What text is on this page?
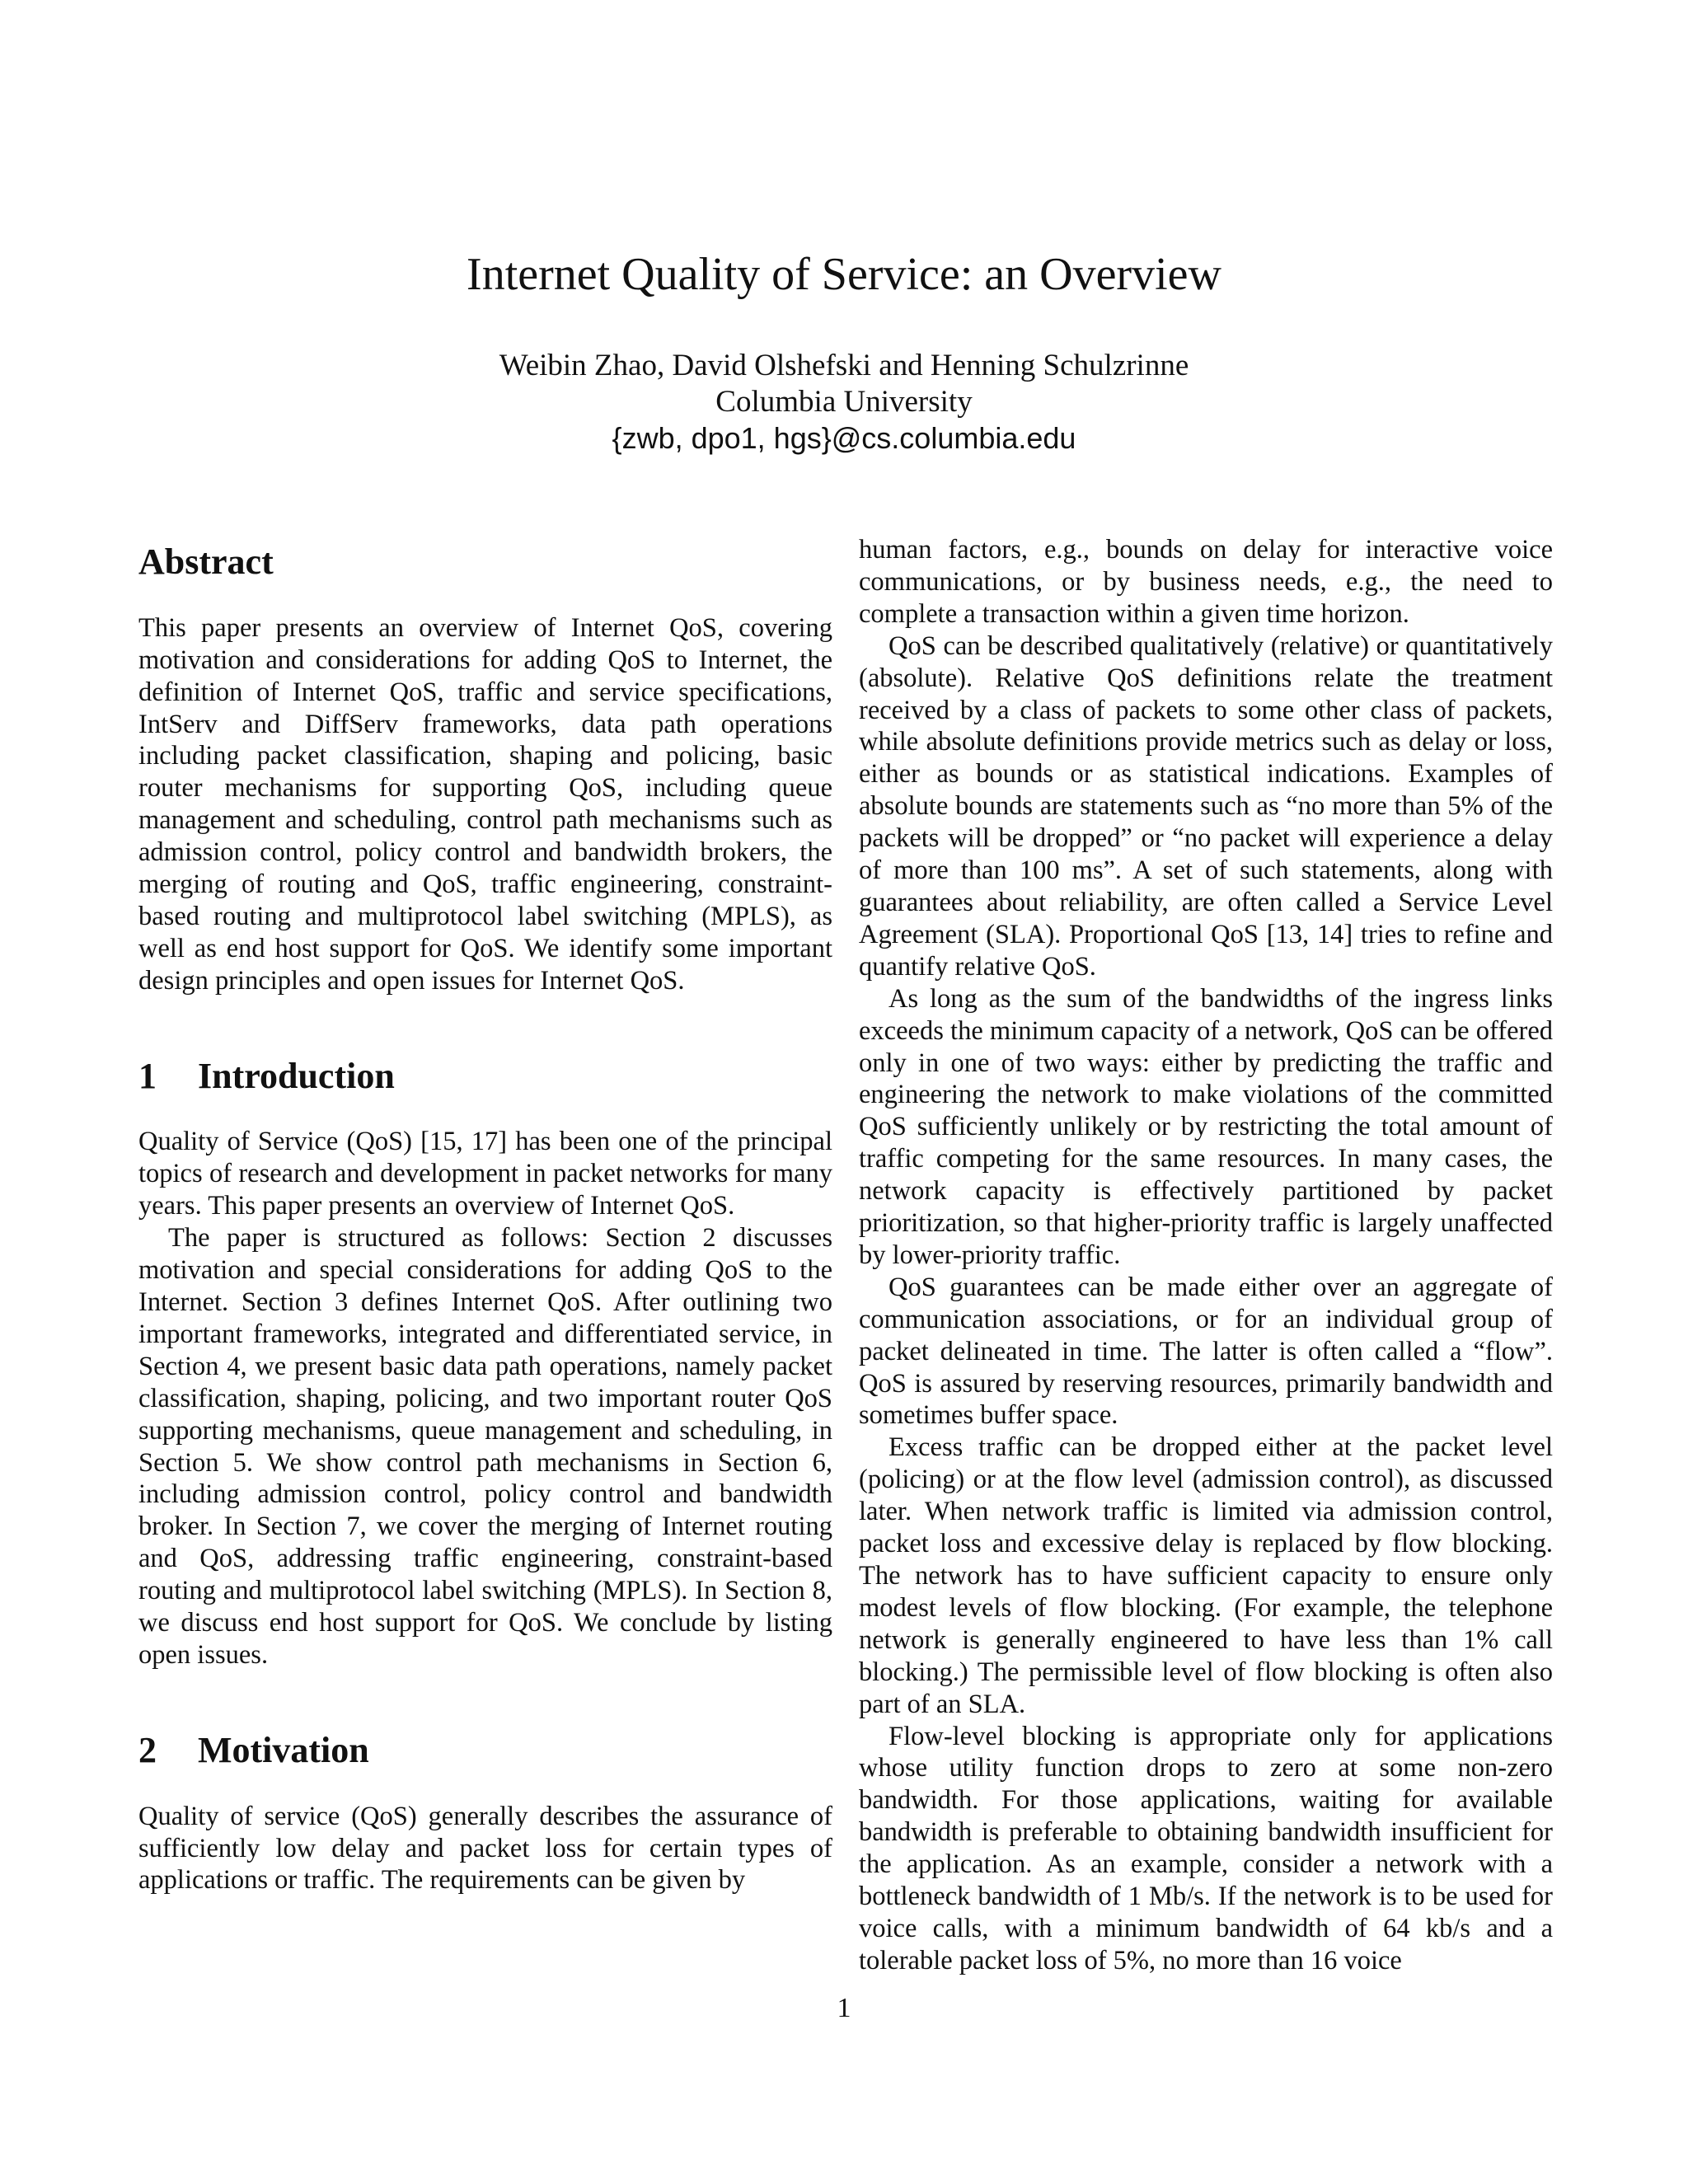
Internet Quality of Service: an Overview
Weibin Zhao, David Olshefski and Henning Schulzrinne
Columbia University
{zwb, dpo1, hgs}@cs.columbia.edu
Abstract

This paper presents an overview of Internet QoS, covering motivation and considerations for adding QoS to Internet, the definition of Internet QoS, traffic and service specifications, IntServ and DiffServ frameworks, data path operations including packet classification, shaping and policing, basic router mechanisms for supporting QoS, including queue management and scheduling, control path mechanisms such as admission control, policy control and bandwidth brokers, the merging of routing and QoS, traffic engineering, constraint-based routing and multiprotocol label switching (MPLS), as well as end host support for QoS. We identify some important design principles and open issues for Internet QoS.

1 Introduction

Quality of Service (QoS) [15, 17] has been one of the principal topics of research and development in packet networks for many years. This paper presents an overview of Internet QoS.

The paper is structured as follows: Section 2 discusses motivation and special considerations for adding QoS to the Internet. Section 3 defines Internet QoS. After outlining two important frameworks, integrated and differentiated service, in Section 4, we present basic data path operations, namely packet classification, shaping, policing, and two important router QoS supporting mechanisms, queue management and scheduling, in Section 5. We show control path mechanisms in Section 6, including admission control, policy control and bandwidth broker. In Section 7, we cover the merging of Internet routing and QoS, addressing traffic engineering, constraint-based routing and multiprotocol label switching (MPLS). In Section 8, we discuss end host support for QoS. We conclude by listing open issues.

2 Motivation

Quality of service (QoS) generally describes the assurance of sufficiently low delay and packet loss for certain types of applications or traffic. The requirements can be given by

human factors, e.g., bounds on delay for interactive voice communications, or by business needs, e.g., the need to complete a transaction within a given time horizon.

QoS can be described qualitatively (relative) or quantitatively (absolute). Relative QoS definitions relate the treatment received by a class of packets to some other class of packets, while absolute definitions provide metrics such as delay or loss, either as bounds or as statistical indications. Examples of absolute bounds are statements such as “no more than 5% of the packets will be dropped” or “no packet will experience a delay of more than 100 ms”. A set of such statements, along with guarantees about reliability, are often called a Service Level Agreement (SLA). Proportional QoS [13, 14] tries to refine and quantify relative QoS.

As long as the sum of the bandwidths of the ingress links exceeds the minimum capacity of a network, QoS can be offered only in one of two ways: either by predicting the traffic and engineering the network to make violations of the committed QoS sufficiently unlikely or by restricting the total amount of traffic competing for the same resources. In many cases, the network capacity is effectively partitioned by packet prioritization, so that higher-priority traffic is largely unaffected by lower-priority traffic.

QoS guarantees can be made either over an aggregate of communication associations, or for an individual group of packet delineated in time. The latter is often called a “flow”. QoS is assured by reserving resources, primarily bandwidth and sometimes buffer space.

Excess traffic can be dropped either at the packet level (policing) or at the flow level (admission control), as discussed later. When network traffic is limited via admission control, packet loss and excessive delay is replaced by flow blocking. The network has to have sufficient capacity to ensure only modest levels of flow blocking. (For example, the telephone network is generally engineered to have less than 1% call blocking.) The permissible level of flow blocking is often also part of an SLA.

Flow-level blocking is appropriate only for applications whose utility function drops to zero at some non-zero bandwidth. For those applications, waiting for available bandwidth is preferable to obtaining bandwidth insufficient for the application. As an example, consider a network with a bottleneck bandwidth of 1 Mb/s. If the network is to be used for voice calls, with a minimum bandwidth of 64 kb/s and a tolerable packet loss of 5%, no more than 16 voice

1
